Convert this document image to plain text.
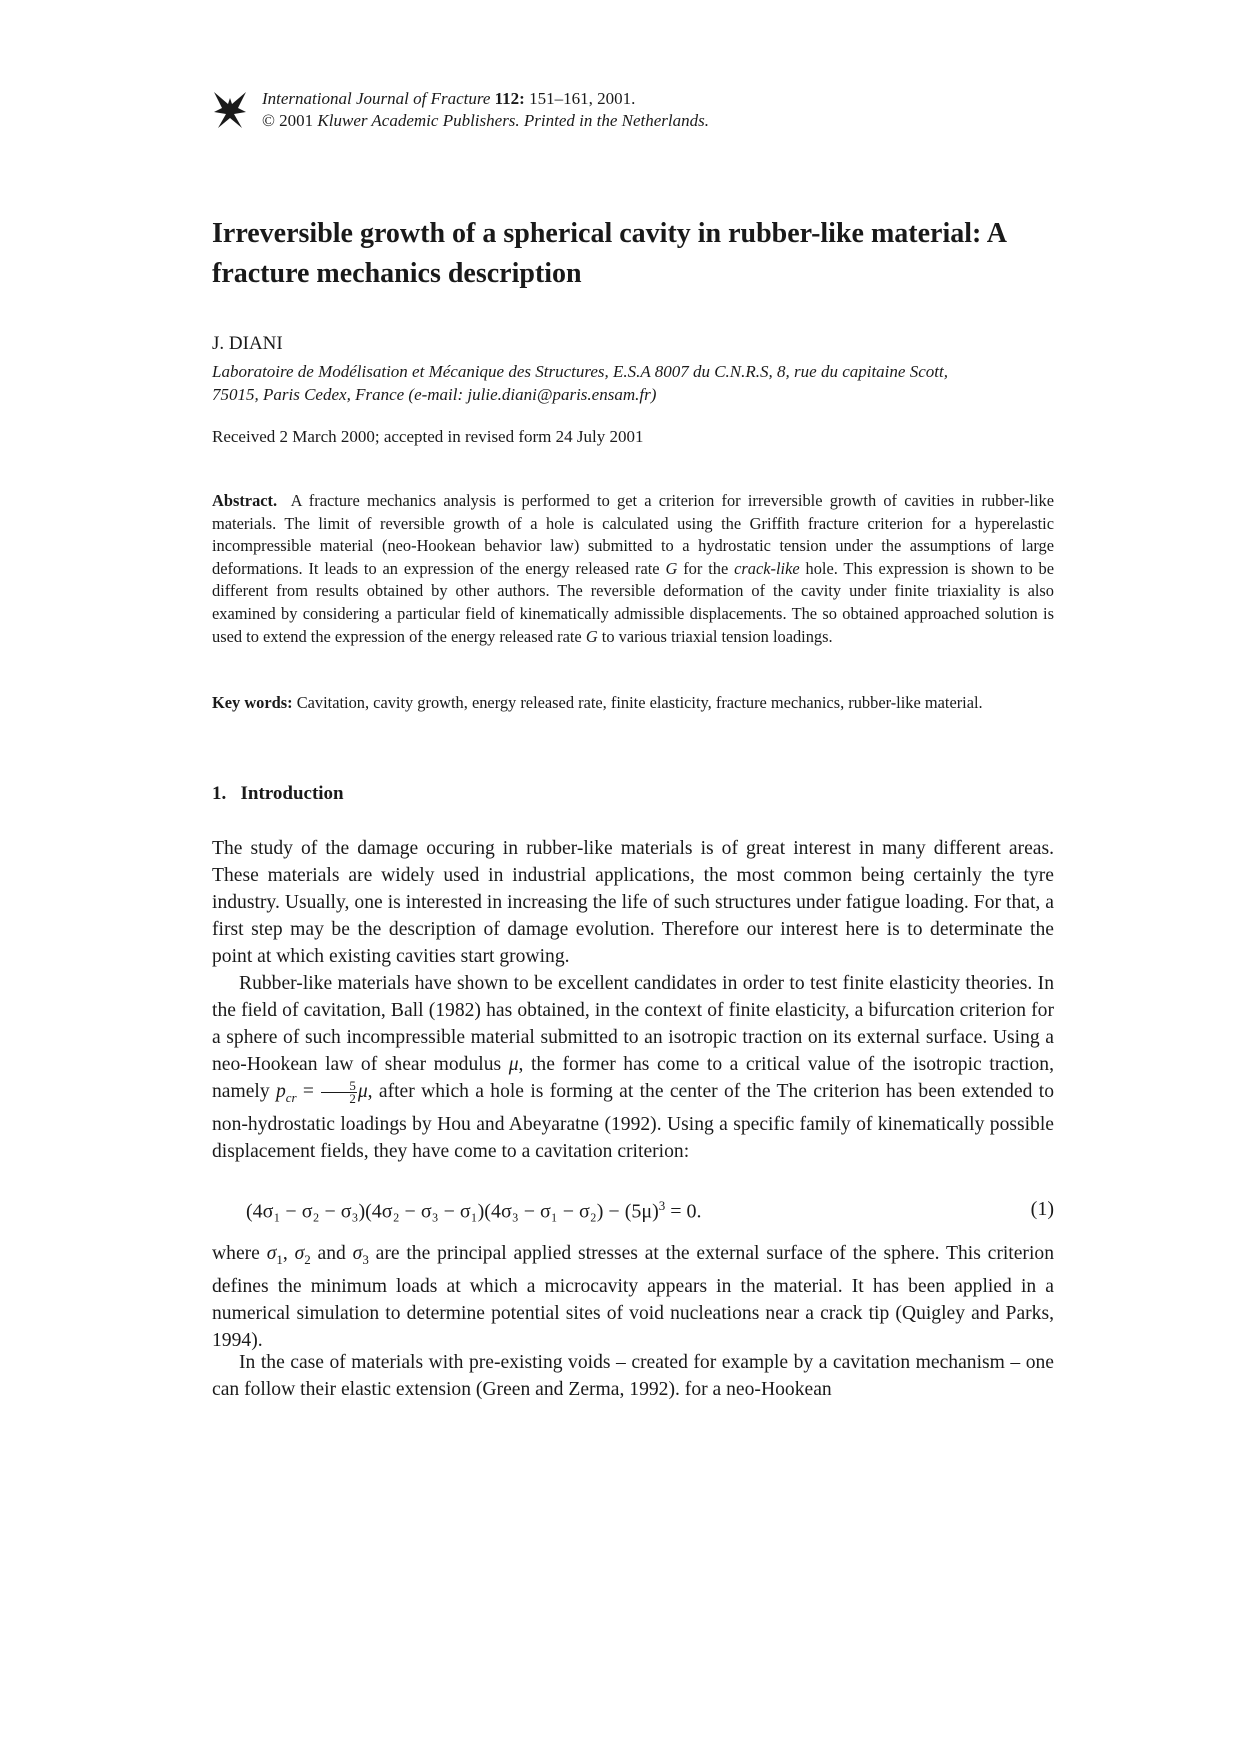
International Journal of Fracture 112: 151–161, 2001.
© 2001 Kluwer Academic Publishers. Printed in the Netherlands.
Irreversible growth of a spherical cavity in rubber-like material: A fracture mechanics description
J. DIANI
Laboratoire de Modélisation et Mécanique des Structures, E.S.A 8007 du C.N.R.S, 8, rue du capitaine Scott,
75015, Paris Cedex, France (e-mail: julie.diani@paris.ensam.fr)
Received 2 March 2000; accepted in revised form 24 July 2001
Abstract. A fracture mechanics analysis is performed to get a criterion for irreversible growth of cavities in rubber-like materials. The limit of reversible growth of a hole is calculated using the Griffith fracture criterion for a hyperelastic incompressible material (neo-Hookean behavior law) submitted to a hydrostatic tension under the assumptions of large deformations. It leads to an expression of the energy released rate G for the crack-like hole. This expression is shown to be different from results obtained by other authors. The reversible deformation of the cavity under finite triaxiality is also examined by considering a particular field of kinematically admissible displacements. The so obtained approached solution is used to extend the expression of the energy released rate G to various triaxial tension loadings.
Key words: Cavitation, cavity growth, energy released rate, finite elasticity, fracture mechanics, rubber-like material.
1.   Introduction
The study of the damage occuring in rubber-like materials is of great interest in many different areas. These materials are widely used in industrial applications, the most common being certainly the tyre industry. Usually, one is interested in increasing the life of such structures under fatigue loading. For that, a first step may be the description of damage evolution. Therefore our interest here is to determinate the point at which existing cavities start growing.
Rubber-like materials have shown to be excellent candidates in order to test finite elasticity theories. In the field of cavitation, Ball (1982) has obtained, in the context of finite elasticity, a bifurcation criterion for a sphere of such incompressible material submitted to an isotropic traction on its external surface. Using a neo-Hookean law of shear modulus μ, the former has come to a critical value of the isotropic traction, namely $p_{cr} = \frac{5}{2} \mu$, after which a hole is forming at the center of the The criterion has been extended to non-hydrostatic loadings by Hou and Abeyaratne (1992). Using a specific family of kinematically possible displacement fields, they have come to a cavitation criterion:
$(4\sigma_1 - \sigma_2 - \sigma_3)(4\sigma_2 - \sigma_3 - \sigma_1)(4\sigma_3 - \sigma_1 - \sigma_2) - (5\mu)^3 = 0$.	(1)
where $\sigma_1$, $\sigma_2$ and $\sigma_3$ are the principal applied stresses at the external surface of the sphere. This criterion defines the minimum loads at which a microcavity appears in the material. It has been applied in a numerical simulation to determine potential sites of void nucleations near a crack tip (Quigley and Parks, 1994).
In the case of materials with pre-existing voids – created for example by a cavitation mechanism – one can follow their elastic extension (Green and Zerma, 1992). for a neo-Hookean
